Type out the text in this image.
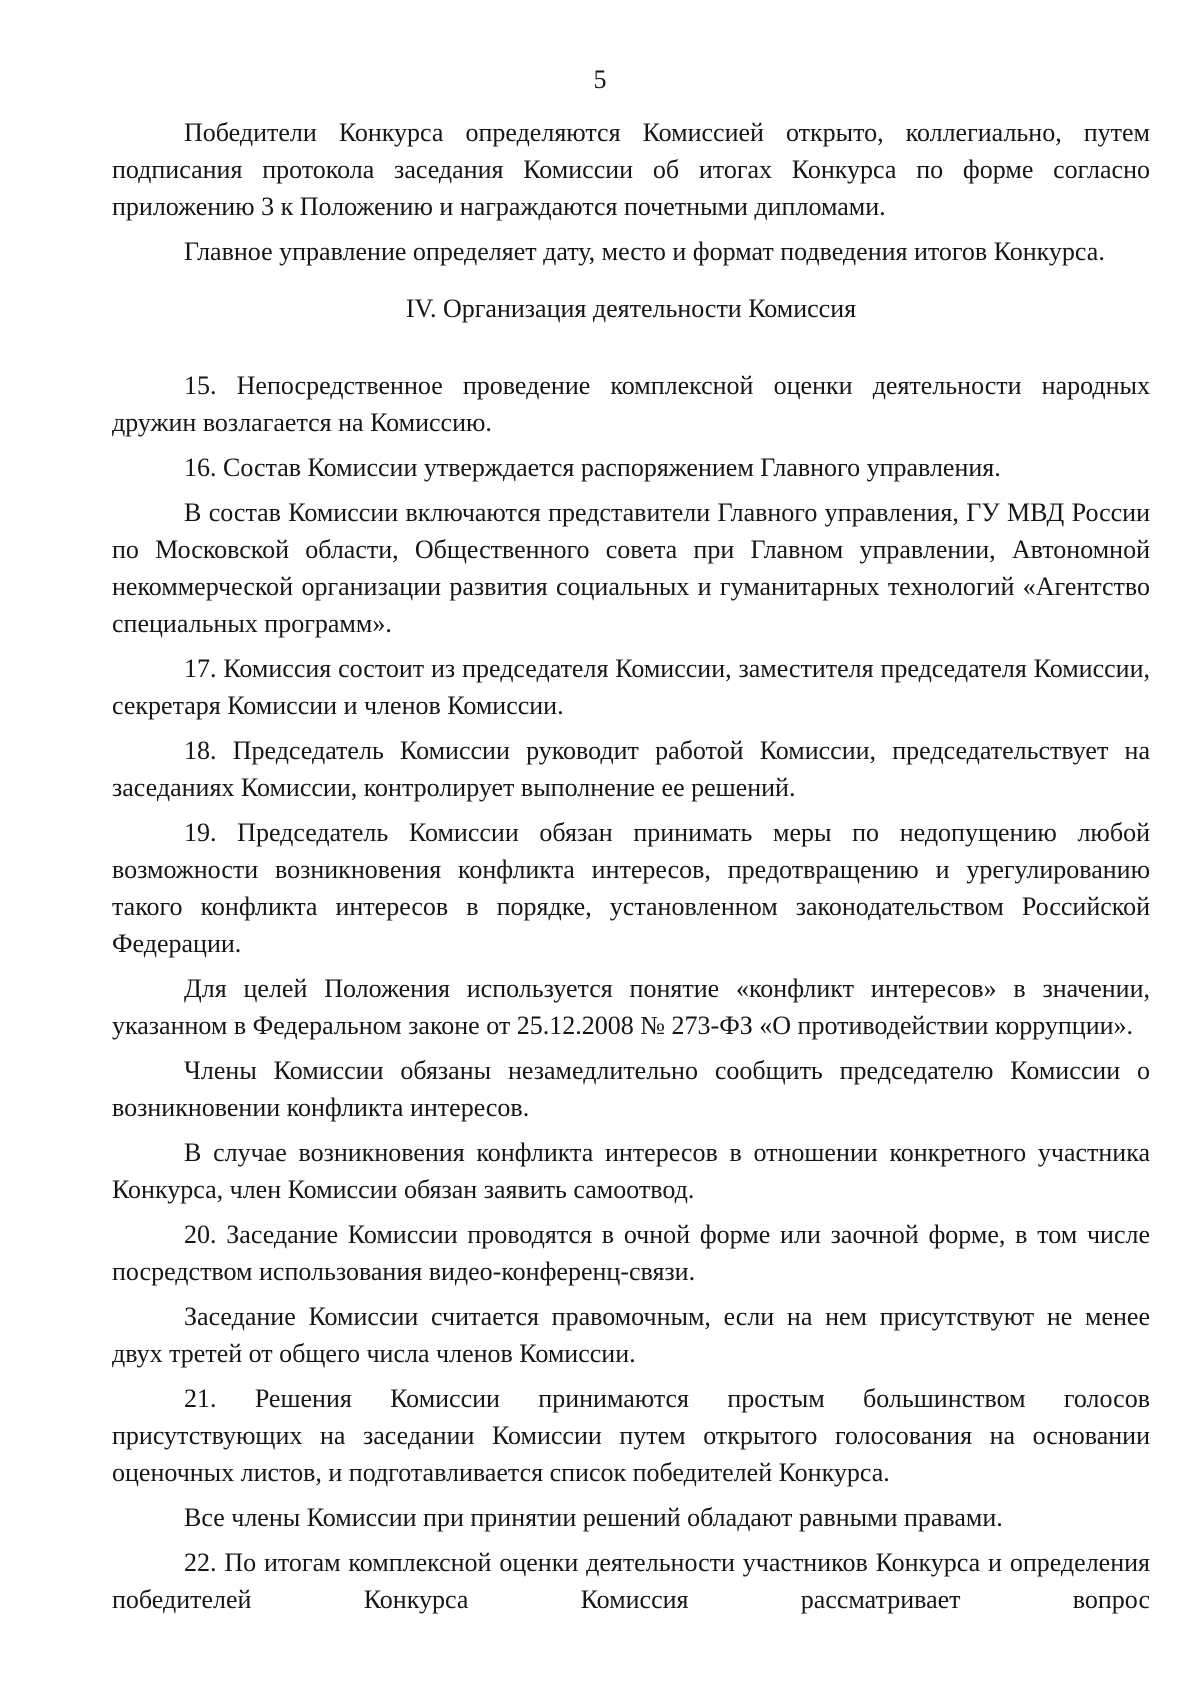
5

Победители Конкурса определяются Комиссией открыто, коллегиально, путем подписания протокола заседания Комиссии об итогах Конкурса по форме согласно приложению 3 к Положению и награждаются почетными дипломами.

Главное управление определяет дату, место и формат подведения итогов Конкурса.

IV. Организация деятельности Комиссия

15. Непосредственное проведение комплексной оценки деятельности народных дружин возлагается на Комиссию.

16. Состав Комиссии утверждается распоряжением Главного управления.

В состав Комиссии включаются представители Главного управления, ГУ МВД России по Московской области, Общественного совета при Главном управлении, Автономной некоммерческой организации развития социальных и гуманитарных технологий «Агентство специальных программ».

17. Комиссия состоит из председателя Комиссии, заместителя председателя Комиссии, секретаря Комиссии и членов Комиссии.

18. Председатель Комиссии руководит работой Комиссии, председательствует на заседаниях Комиссии, контролирует выполнение ее решений.

19. Председатель Комиссии обязан принимать меры по недопущению любой возможности возникновения конфликта интересов, предотвращению и урегулированию такого конфликта интересов в порядке, установленном законодательством Российской Федерации.

Для целей Положения используется понятие «конфликт интересов» в значении, указанном в Федеральном законе от 25.12.2008 № 273-ФЗ «О противодействии коррупции».

Члены Комиссии обязаны незамедлительно сообщить председателю Комиссии о возникновении конфликта интересов.

В случае возникновения конфликта интересов в отношении конкретного участника Конкурса, член Комиссии обязан заявить самоотвод.

20. Заседание Комиссии проводятся в очной форме или заочной форме, в том числе посредством использования видео-конференц-связи.

Заседание Комиссии считается правомочным, если на нем присутствуют не менее двух третей от общего числа членов Комиссии.

21. Решения Комиссии принимаются простым большинством голосов присутствующих на заседании Комиссии путем открытого голосования на основании оценочных листов, и подготавливается список победителей Конкурса.

Все члены Комиссии при принятии решений обладают равными правами.

22. По итогам комплексной оценки деятельности участников Конкурса и определения победителей Конкурса Комиссия рассматривает вопрос
